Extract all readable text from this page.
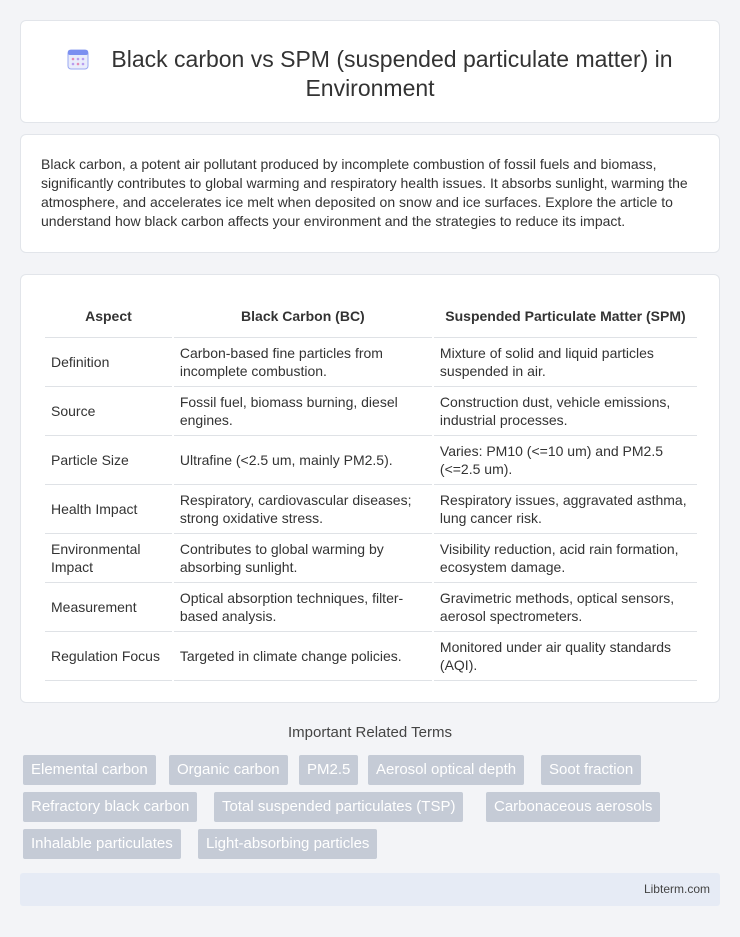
Black carbon vs SPM (suspended particulate matter) in Environment

Black carbon, a potent air pollutant produced by incomplete combustion of fossil fuels and biomass, significantly contributes to global warming and respiratory health issues. It absorbs sunlight, warming the atmosphere, and accelerates ice melt when deposited on snow and ice surfaces. Explore the article to understand how black carbon affects your environment and the strategies to reduce its impact.

Aspect	Black Carbon (BC)	Suspended Particulate Matter (SPM)
Definition	Carbon-based fine particles from incomplete combustion.	Mixture of solid and liquid particles suspended in air.
Source	Fossil fuel, biomass burning, diesel engines.	Construction dust, vehicle emissions, industrial processes.
Particle Size	Ultrafine (<2.5 um, mainly PM2.5).	Varies: PM10 (<=10 um) and PM2.5 (<=2.5 um).
Health Impact	Respiratory, cardiovascular diseases; strong oxidative stress.	Respiratory issues, aggravated asthma, lung cancer risk.
Environmental Impact	Contributes to global warming by absorbing sunlight.	Visibility reduction, acid rain formation, ecosystem damage.
Measurement	Optical absorption techniques, filter-based analysis.	Gravimetric methods, optical sensors, aerosol spectrometers.
Regulation Focus	Targeted in climate change policies.	Monitored under air quality standards (AQI).
Important Related Terms
Elemental carbon	Organic carbon	PM2.5	Aerosol optical depth	Soot fraction
Refractory black carbon	Total suspended particulates (TSP)	Carbonaceous aerosols
Inhalable particulates	Light-absorbing particles
Libterm.com
